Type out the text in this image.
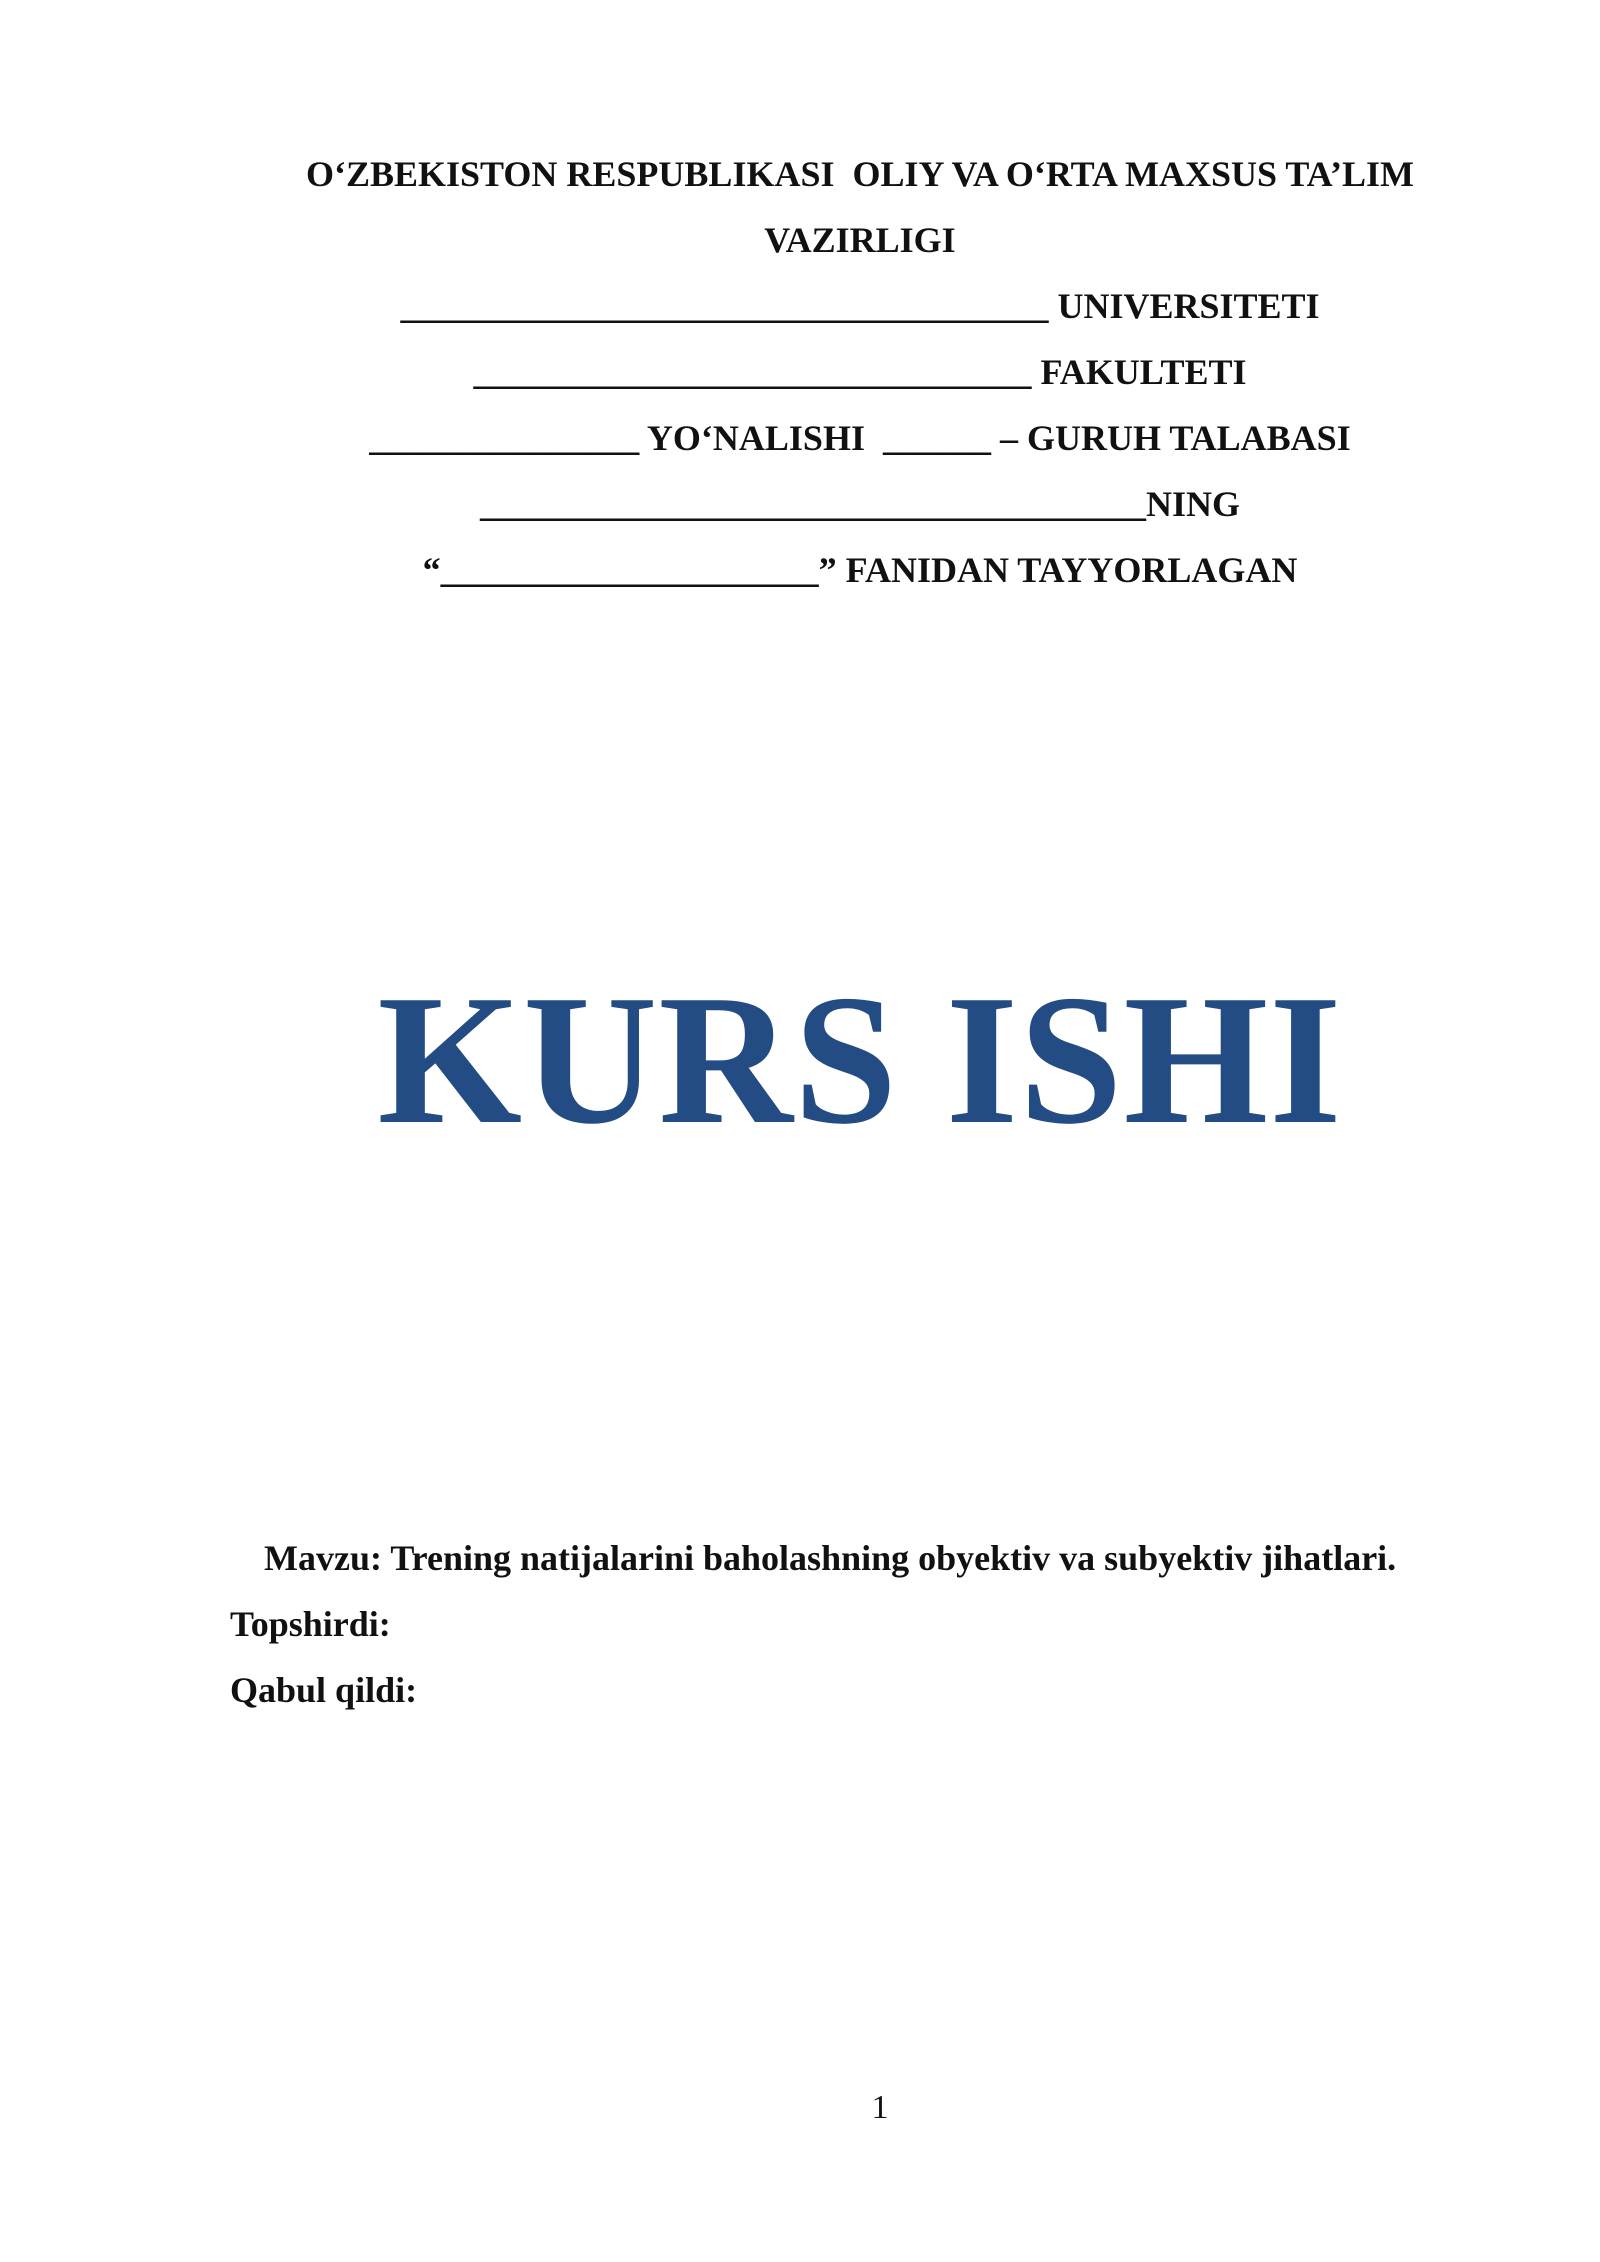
O‘ZBEKISTON RESPUBLIKASI  OLIY VA O‘RTA MAXSUS TA’LIM
VAZIRLIGI
____________________________________ UNIVERSITETI
_______________________________ FAKULTETI
_______________ YO‘NALISHI  ______ – GURUH TALABASI
_____________________________________NING
“_____________________” FANIDAN TAYYORLAGAN
KURS ISHI
Mavzu: Trening natijalarini baholashning obyektiv va subyektiv jihatlari.
Topshirdi:
Qabul qildi:
1
